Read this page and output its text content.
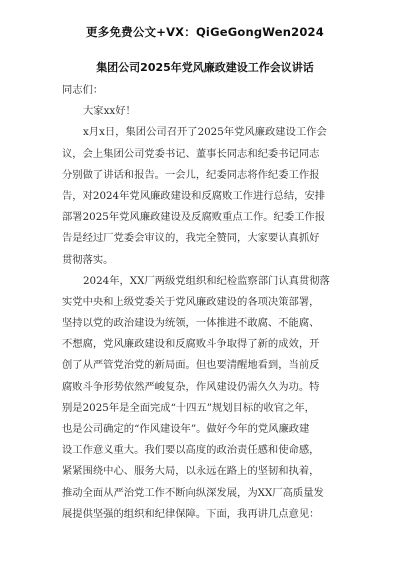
更多免费公文+VX：QiGeGongWen2024
集团公司2025年党风廉政建设工作会议讲话
同志们：
大家xx好！
x月x日，集团公司召开了2025年党风廉政建设工作会
议，会上集团公司党委书记、董事长同志和纪委书记同志
分别做了讲话和报告。一会儿，纪委同志将作纪委工作报
告，对2024年党风廉政建设和反腐败工作进行总结，安排
部署2025年党风廉政建设及反腐败重点工作。纪委工作报
告是经过厂党委会审议的，我完全赞同，大家要认真抓好
贯彻落实。
2024年，XX厂两级党组织和纪检监察部门认真贯彻落
实党中央和上级党委关于党风廉政建设的各项决策部署，
坚持以党的政治建设为统领，一体推进不敢腐、不能腐、
不想腐，党风廉政建设和反腐败斗争取得了新的成效，开
创了从严管党治党的新局面。但也要清醒地看到，当前反
腐败斗争形势依然严峻复杂，作风建设仍需久久为功。特
别是2025年是全面完成“十四五”规划目标的收官之年，
也是公司确定的“作风建设年”。做好今年的党风廉政建
设工作意义重大。我们要以高度的政治责任感和使命感，
紧紧围绕中心、服务大局，以永远在路上的坚韧和执着，
推动全面从严治党工作不断向纵深发展，为XX厂高质量发
展提供坚强的组织和纪律保障。下面，我再讲几点意见：
